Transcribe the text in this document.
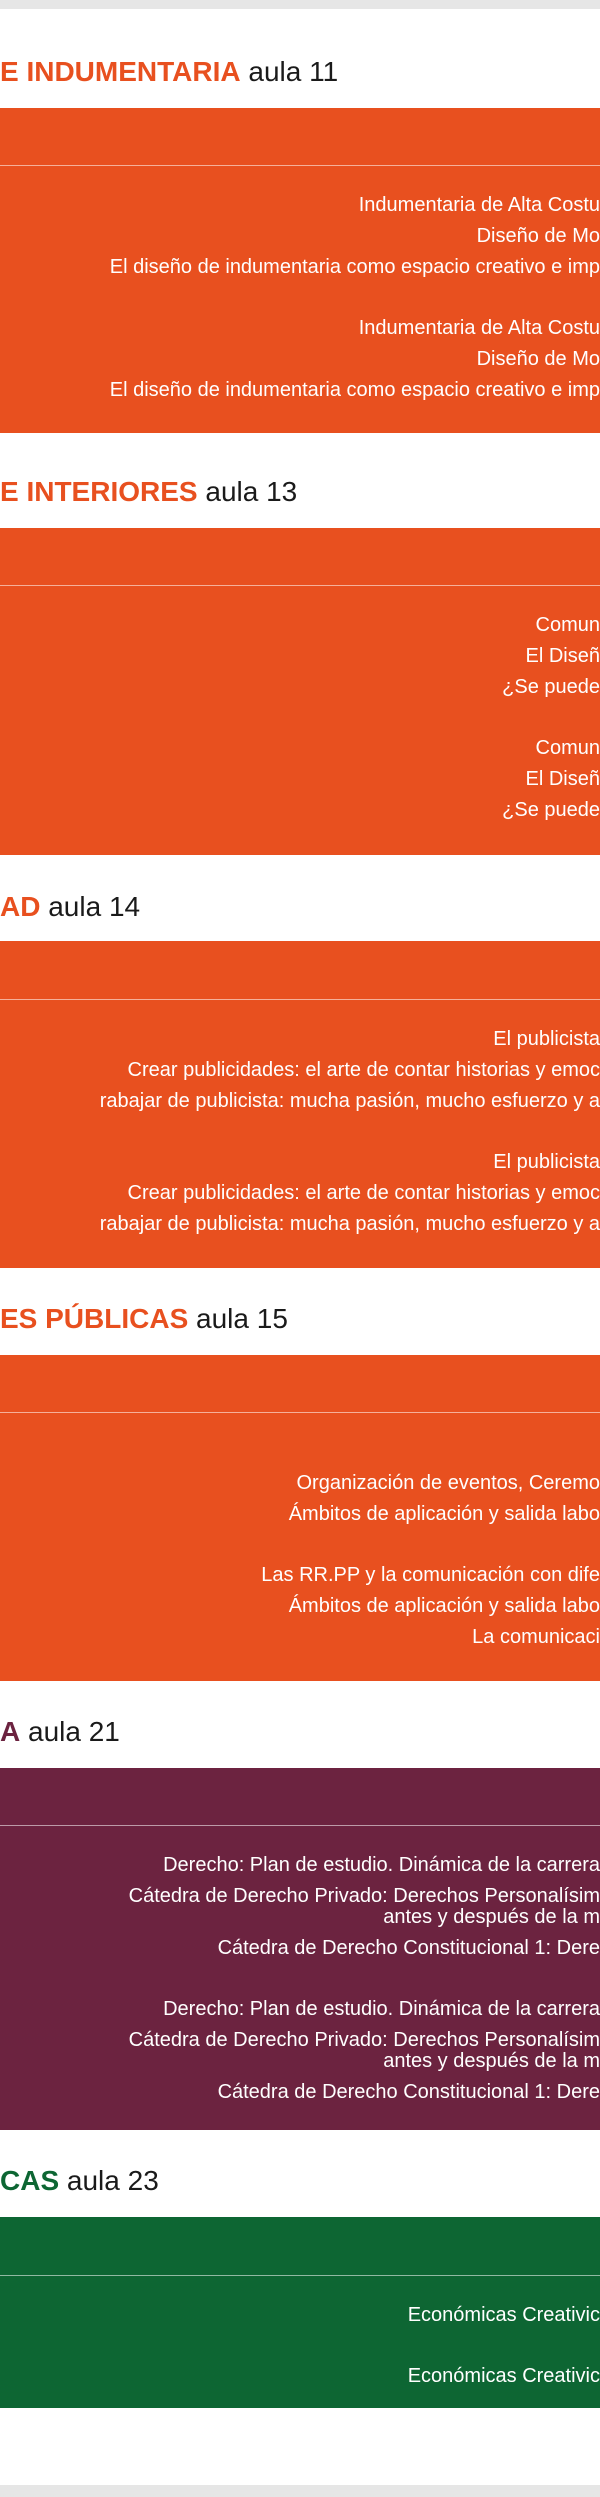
E INDUMENTARIA aula 11
Indumentaria de Alta Costu
Diseño de Mo
El diseño de indumentaria como espacio creativo e imp
Indumentaria de Alta Costu
Diseño de Mo
El diseño de indumentaria como espacio creativo e imp
E INTERIORES aula 13
Comun
El Diseñ
¿Se puede
Comun
El Diseñ
¿Se puede
AD aula 14
El publicista
Crear publicidades: el arte de contar historias y emoc
rabajar de publicista: mucha pasión, mucho esfuerzo y a
El publicista
Crear publicidades: el arte de contar historias y emoc
rabajar de publicista: mucha pasión, mucho esfuerzo y a
ES PÚBLICAS aula 15
Organización de eventos, Ceremo
Ámbitos de aplicación y salida labo
Las RR.PP y la comunicación con dife
Ámbitos de aplicación y salida labo
La comunicaci
A aula 21
Derecho: Plan de estudio. Dinámica de la carrera
Cátedra de Derecho Privado: Derechos Personalísim
antes y después de la m
Cátedra de Derecho Constitucional 1: Dere
Derecho: Plan de estudio. Dinámica de la carrera
Cátedra de Derecho Privado: Derechos Personalísim
antes y después de la m
Cátedra de Derecho Constitucional 1: Dere
CAS aula 23
Económicas Creativic
Económicas Creativic
